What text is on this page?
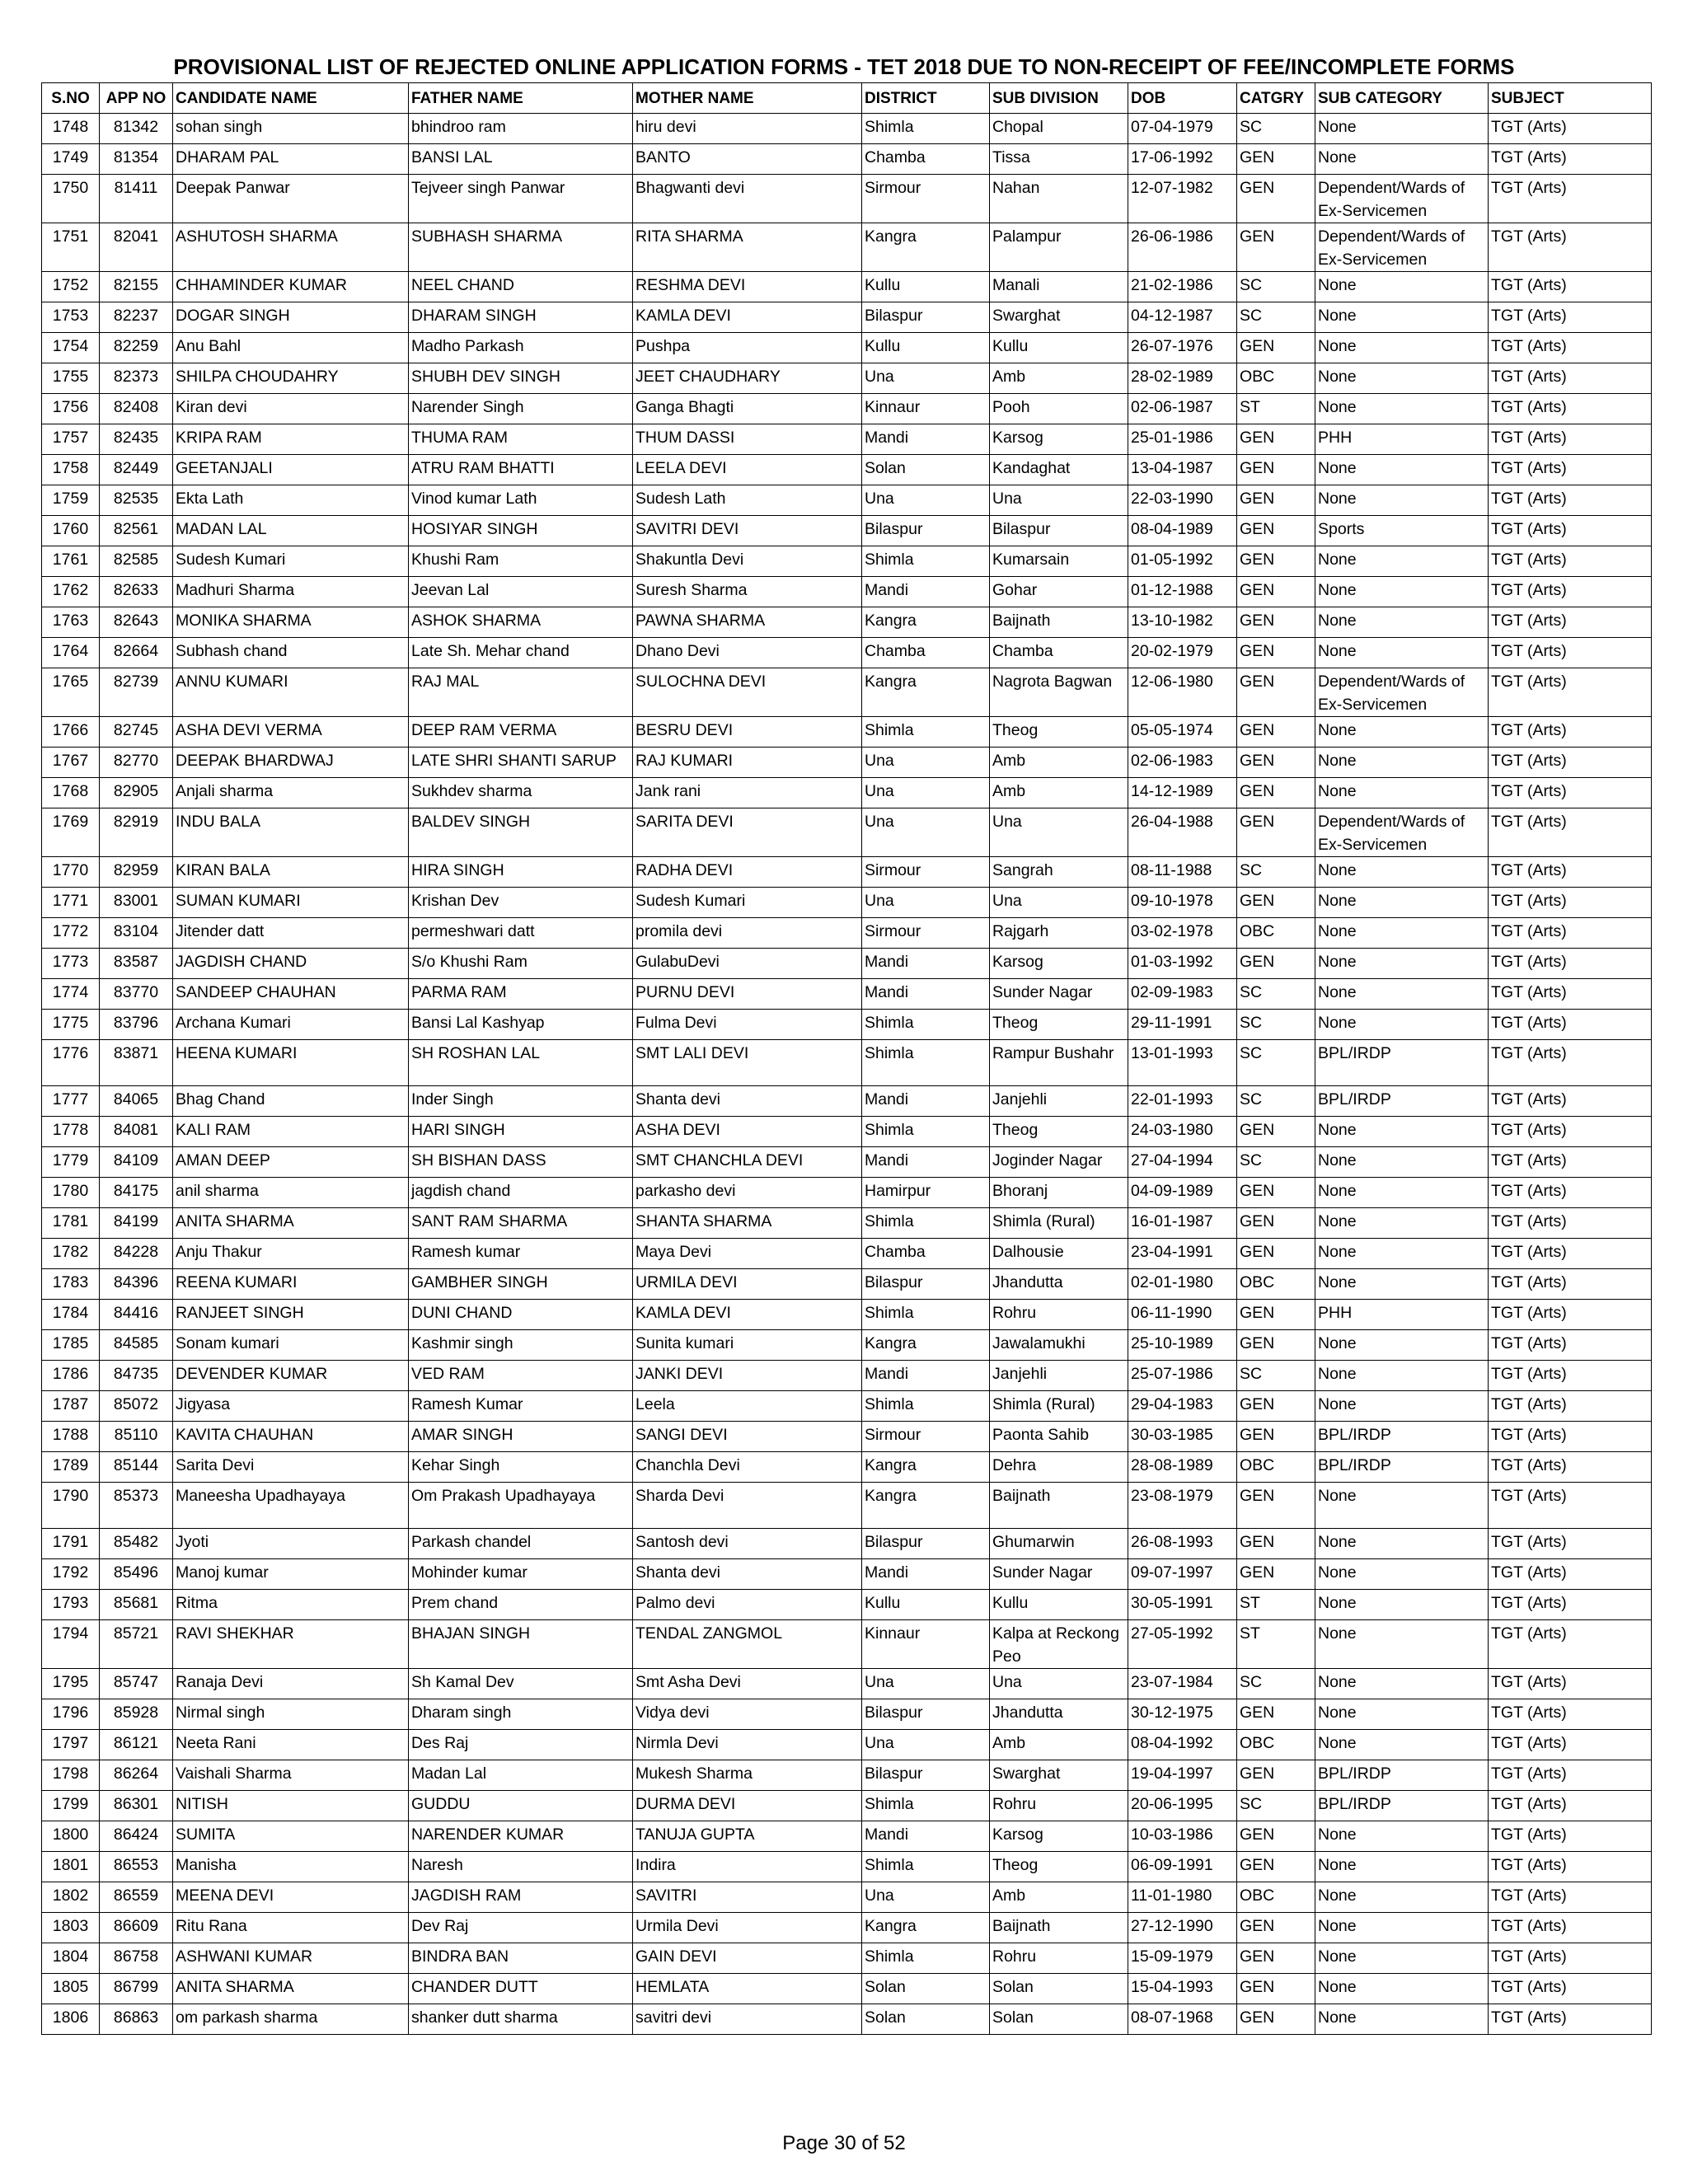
PROVISIONAL LIST OF REJECTED ONLINE APPLICATION FORMS - TET 2018 DUE TO NON-RECEIPT OF FEE/INCOMPLETE FORMS
S.NO	APP NO	CANDIDATE NAME	FATHER NAME	MOTHER NAME	DISTRICT	SUB DIVISION	DOB	CATGRY	SUB CATEGORY	SUBJECT
1748	81342	sohan singh	bhindroo ram	hiru devi	Shimla	Chopal	07-04-1979	SC	None	TGT (Arts)
1749	81354	DHARAM PAL	BANSI LAL	BANTO	Chamba	Tissa	17-06-1992	GEN	None	TGT (Arts)
1750	81411	Deepak Panwar	Tejveer singh Panwar	Bhagwanti devi	Sirmour	Nahan	12-07-1982	GEN	Dependent/Wards of Ex-Servicemen	TGT (Arts)
1751	82041	ASHUTOSH SHARMA	SUBHASH SHARMA	RITA SHARMA	Kangra	Palampur	26-06-1986	GEN	Dependent/Wards of Ex-Servicemen	TGT (Arts)
1752	82155	CHHAMINDER KUMAR	NEEL CHAND	RESHMA DEVI	Kullu	Manali	21-02-1986	SC	None	TGT (Arts)
1753	82237	DOGAR SINGH	DHARAM SINGH	KAMLA DEVI	Bilaspur	Swarghat	04-12-1987	SC	None	TGT (Arts)
1754	82259	Anu Bahl	Madho Parkash	Pushpa	Kullu	Kullu	26-07-1976	GEN	None	TGT (Arts)
1755	82373	SHILPA CHOUDAHRY	SHUBH DEV SINGH	JEET CHAUDHARY	Una	Amb	28-02-1989	OBC	None	TGT (Arts)
1756	82408	Kiran devi	Narender Singh	Ganga Bhagti	Kinnaur	Pooh	02-06-1987	ST	None	TGT (Arts)
1757	82435	KRIPA RAM	THUMA RAM	THUM DASSI	Mandi	Karsog	25-01-1986	GEN	PHH	TGT (Arts)
1758	82449	GEETANJALI	ATRU RAM BHATTI	LEELA DEVI	Solan	Kandaghat	13-04-1987	GEN	None	TGT (Arts)
1759	82535	Ekta Lath	Vinod kumar Lath	Sudesh Lath	Una	Una	22-03-1990	GEN	None	TGT (Arts)
1760	82561	MADAN LAL	HOSIYAR SINGH	SAVITRI DEVI	Bilaspur	Bilaspur	08-04-1989	GEN	Sports	TGT (Arts)
1761	82585	Sudesh Kumari	Khushi Ram	Shakuntla Devi	Shimla	Kumarsain	01-05-1992	GEN	None	TGT (Arts)
1762	82633	Madhuri Sharma	Jeevan Lal	Suresh Sharma	Mandi	Gohar	01-12-1988	GEN	None	TGT (Arts)
1763	82643	MONIKA SHARMA	ASHOK SHARMA	PAWNA SHARMA	Kangra	Baijnath	13-10-1982	GEN	None	TGT (Arts)
1764	82664	Subhash chand	Late Sh. Mehar chand	Dhano Devi	Chamba	Chamba	20-02-1979	GEN	None	TGT (Arts)
1765	82739	ANNU KUMARI	RAJ MAL	SULOCHNA DEVI	Kangra	Nagrota Bagwan	12-06-1980	GEN	Dependent/Wards of Ex-Servicemen	TGT (Arts)
1766	82745	ASHA DEVI VERMA	DEEP RAM VERMA	BESRU DEVI	Shimla	Theog	05-05-1974	GEN	None	TGT (Arts)
1767	82770	DEEPAK BHARDWAJ	LATE SHRI SHANTI SARUP	RAJ KUMARI	Una	Amb	02-06-1983	GEN	None	TGT (Arts)
1768	82905	Anjali sharma	Sukhdev sharma	Jank rani	Una	Amb	14-12-1989	GEN	None	TGT (Arts)
1769	82919	INDU BALA	BALDEV SINGH	SARITA DEVI	Una	Una	26-04-1988	GEN	Dependent/Wards of Ex-Servicemen	TGT (Arts)
1770	82959	KIRAN BALA	HIRA SINGH	RADHA DEVI	Sirmour	Sangrah	08-11-1988	SC	None	TGT (Arts)
1771	83001	SUMAN KUMARI	Krishan Dev	Sudesh Kumari	Una	Una	09-10-1978	GEN	None	TGT (Arts)
1772	83104	Jitender datt	permeshwari datt	promila devi	Sirmour	Rajgarh	03-02-1978	OBC	None	TGT (Arts)
1773	83587	JAGDISH CHAND	S/o Khushi Ram	GulabuDevi	Mandi	Karsog	01-03-1992	GEN	None	TGT (Arts)
1774	83770	SANDEEP CHAUHAN	PARMA RAM	PURNU DEVI	Mandi	Sunder Nagar	02-09-1983	SC	None	TGT (Arts)
1775	83796	Archana Kumari	Bansi Lal Kashyap	Fulma Devi	Shimla	Theog	29-11-1991	SC	None	TGT (Arts)
1776	83871	HEENA KUMARI	SH ROSHAN LAL	SMT LALI DEVI	Shimla	Rampur Bushahr	13-01-1993	SC	BPL/IRDP	TGT (Arts)
1777	84065	Bhag Chand	Inder Singh	Shanta devi	Mandi	Janjehli	22-01-1993	SC	BPL/IRDP	TGT (Arts)
1778	84081	KALI RAM	HARI SINGH	ASHA DEVI	Shimla	Theog	24-03-1980	GEN	None	TGT (Arts)
1779	84109	AMAN DEEP	SH BISHAN DASS	SMT CHANCHLA DEVI	Mandi	Joginder Nagar	27-04-1994	SC	None	TGT (Arts)
1780	84175	anil sharma	jagdish chand	parkasho devi	Hamirpur	Bhoranj	04-09-1989	GEN	None	TGT (Arts)
1781	84199	ANITA SHARMA	SANT RAM SHARMA	SHANTA SHARMA	Shimla	Shimla (Rural)	16-01-1987	GEN	None	TGT (Arts)
1782	84228	Anju Thakur	Ramesh kumar	Maya Devi	Chamba	Dalhousie	23-04-1991	GEN	None	TGT (Arts)
1783	84396	REENA KUMARI	GAMBHER SINGH	URMILA DEVI	Bilaspur	Jhandutta	02-01-1980	OBC	None	TGT (Arts)
1784	84416	RANJEET SINGH	DUNI CHAND	KAMLA DEVI	Shimla	Rohru	06-11-1990	GEN	PHH	TGT (Arts)
1785	84585	Sonam kumari	Kashmir singh	Sunita kumari	Kangra	Jawalamukhi	25-10-1989	GEN	None	TGT (Arts)
1786	84735	DEVENDER KUMAR	VED RAM	JANKI DEVI	Mandi	Janjehli	25-07-1986	SC	None	TGT (Arts)
1787	85072	Jigyasa	Ramesh Kumar	Leela	Shimla	Shimla (Rural)	29-04-1983	GEN	None	TGT (Arts)
1788	85110	KAVITA CHAUHAN	AMAR SINGH	SANGI DEVI	Sirmour	Paonta Sahib	30-03-1985	GEN	BPL/IRDP	TGT (Arts)
1789	85144	Sarita Devi	Kehar Singh	Chanchla Devi	Kangra	Dehra	28-08-1989	OBC	BPL/IRDP	TGT (Arts)
1790	85373	Maneesha Upadhayaya	Om Prakash Upadhayaya	Sharda Devi	Kangra	Baijnath	23-08-1979	GEN	None	TGT (Arts)
1791	85482	Jyoti	Parkash chandel	Santosh devi	Bilaspur	Ghumarwin	26-08-1993	GEN	None	TGT (Arts)
1792	85496	Manoj kumar	Mohinder kumar	Shanta devi	Mandi	Sunder Nagar	09-07-1997	GEN	None	TGT (Arts)
1793	85681	Ritma	Prem chand	Palmo devi	Kullu	Kullu	30-05-1991	ST	None	TGT (Arts)
1794	85721	RAVI SHEKHAR	BHAJAN SINGH	TENDAL ZANGMOL	Kinnaur	Kalpa at Reckong Peo	27-05-1992	ST	None	TGT (Arts)
1795	85747	Ranaja Devi	Sh Kamal Dev	Smt Asha Devi	Una	Una	23-07-1984	SC	None	TGT (Arts)
1796	85928	Nirmal singh	Dharam singh	Vidya devi	Bilaspur	Jhandutta	30-12-1975	GEN	None	TGT (Arts)
1797	86121	Neeta Rani	Des Raj	Nirmla Devi	Una	Amb	08-04-1992	OBC	None	TGT (Arts)
1798	86264	Vaishali Sharma	Madan Lal	Mukesh Sharma	Bilaspur	Swarghat	19-04-1997	GEN	BPL/IRDP	TGT (Arts)
1799	86301	NITISH	GUDDU	DURMA DEVI	Shimla	Rohru	20-06-1995	SC	BPL/IRDP	TGT (Arts)
1800	86424	SUMITA	NARENDER KUMAR	TANUJA GUPTA	Mandi	Karsog	10-03-1986	GEN	None	TGT (Arts)
1801	86553	Manisha	Naresh	Indira	Shimla	Theog	06-09-1991	GEN	None	TGT (Arts)
1802	86559	MEENA DEVI	JAGDISH RAM	SAVITRI	Una	Amb	11-01-1980	OBC	None	TGT (Arts)
1803	86609	Ritu Rana	Dev Raj	Urmila Devi	Kangra	Baijnath	27-12-1990	GEN	None	TGT (Arts)
1804	86758	ASHWANI KUMAR	BINDRA BAN	GAIN DEVI	Shimla	Rohru	15-09-1979	GEN	None	TGT (Arts)
1805	86799	ANITA SHARMA	CHANDER DUTT	HEMLATA	Solan	Solan	15-04-1993	GEN	None	TGT (Arts)
1806	86863	om parkash sharma	shanker dutt sharma	savitri devi	Solan	Solan	08-07-1968	GEN	None	TGT (Arts)
Page 30 of 52
